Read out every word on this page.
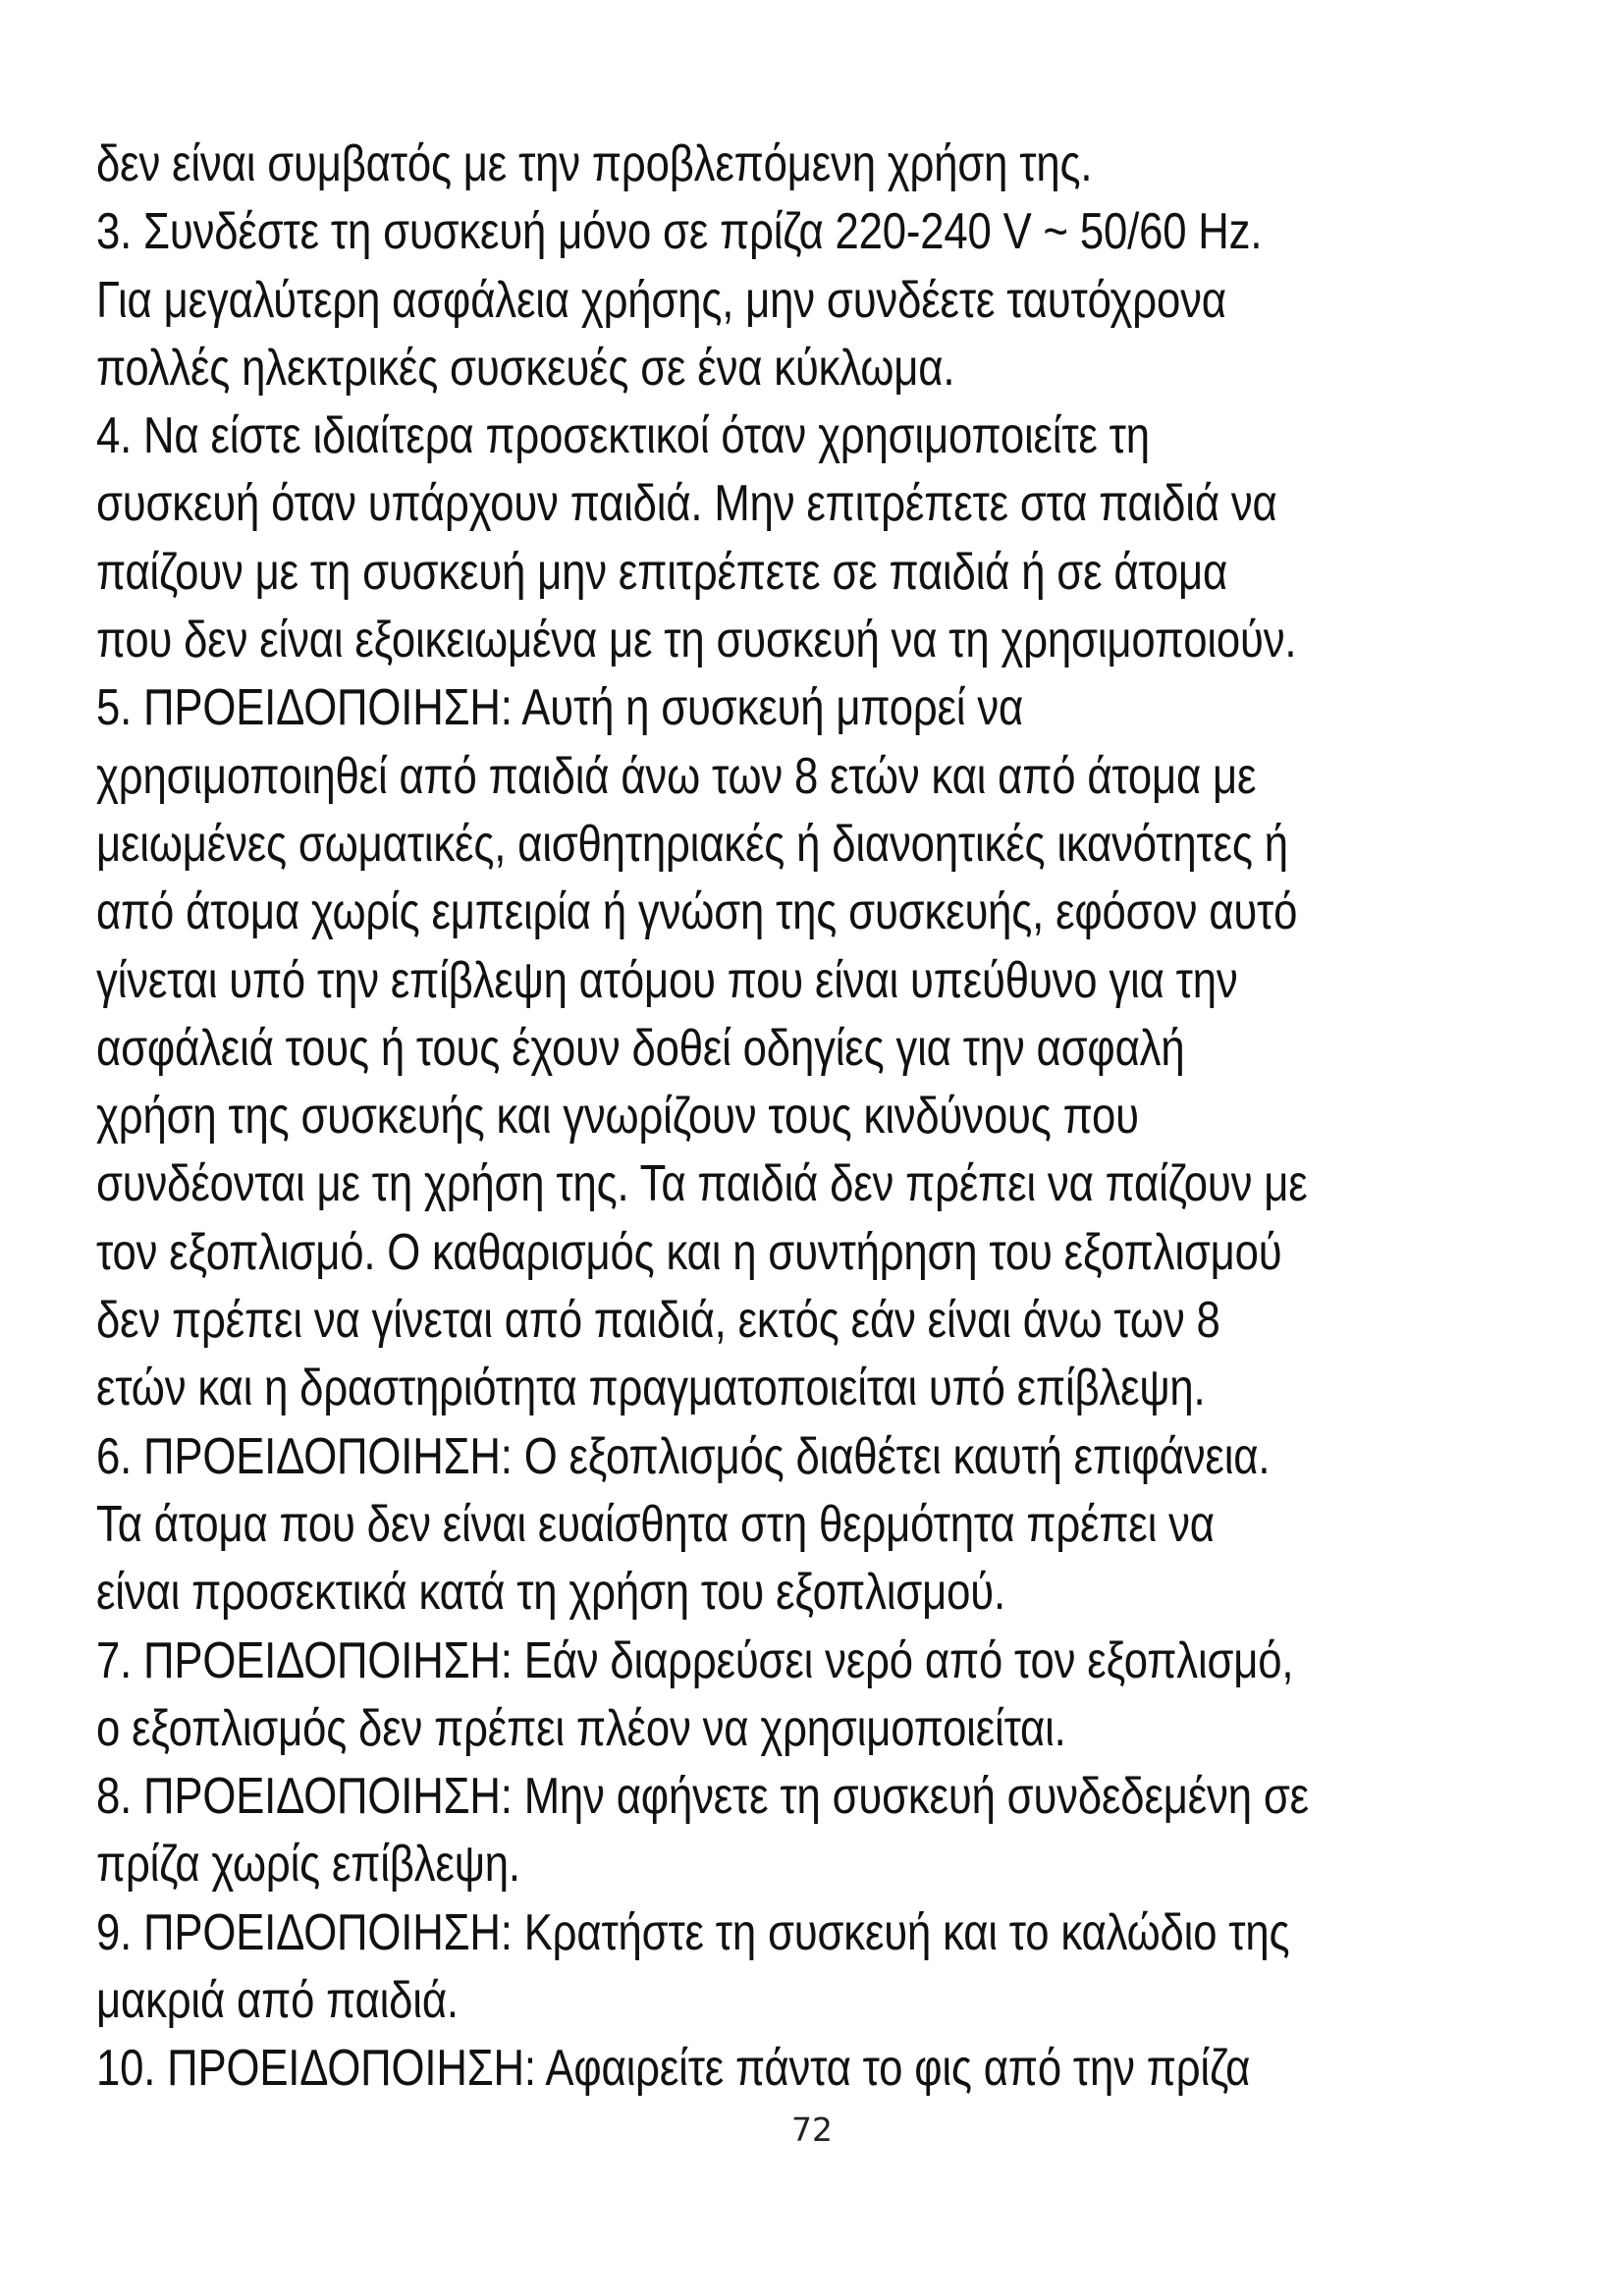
δεν είναι συμβατός με την προβλεπόμενη χρήση της.
3. Συνδέστε τη συσκευή μόνο σε πρίζα 220-240 V ~ 50/60 Hz.
Για μεγαλύτερη ασφάλεια χρήσης, μην συνδέετε ταυτόχρονα
πολλές ηλεκτρικές συσκευές σε ένα κύκλωμα.
4. Να είστε ιδιαίτερα προσεκτικοί όταν χρησιμοποιείτε τη
συσκευή όταν υπάρχουν παιδιά. Μην επιτρέπετε στα παιδιά να
παίζουν με τη συσκευή μην επιτρέπετε σε παιδιά ή σε άτομα
που δεν είναι εξοικειωμένα με τη συσκευή να τη χρησιμοποιούν.
5. ΠΡΟΕΙΔΟΠΟΙΗΣΗ: Αυτή η συσκευή μπορεί να
χρησιμοποιηθεί από παιδιά άνω των 8 ετών και από άτομα με
μειωμένες σωματικές, αισθητηριακές ή διανοητικές ικανότητες ή
από άτομα χωρίς εμπειρία ή γνώση της συσκευής, εφόσον αυτό
γίνεται υπό την επίβλεψη ατόμου που είναι υπεύθυνο για την
ασφάλειά τους ή τους έχουν δοθεί οδηγίες για την ασφαλή
χρήση της συσκευής και γνωρίζουν τους κινδύνους που
συνδέονται με τη χρήση της. Τα παιδιά δεν πρέπει να παίζουν με
τον εξοπλισμό. Ο καθαρισμός και η συντήρηση του εξοπλισμού
δεν πρέπει να γίνεται από παιδιά, εκτός εάν είναι άνω των 8
ετών και η δραστηριότητα πραγματοποιείται υπό επίβλεψη.
6. ΠΡΟΕΙΔΟΠΟΙΗΣΗ: Ο εξοπλισμός διαθέτει καυτή επιφάνεια.
Τα άτομα που δεν είναι ευαίσθητα στη θερμότητα πρέπει να
είναι προσεκτικά κατά τη χρήση του εξοπλισμού.
7. ΠΡΟΕΙΔΟΠΟΙΗΣΗ: Εάν διαρρεύσει νερό από τον εξοπλισμό,
ο εξοπλισμός δεν πρέπει πλέον να χρησιμοποιείται.
8. ΠΡΟΕΙΔΟΠΟΙΗΣΗ: Μην αφήνετε τη συσκευή συνδεδεμένη σε
πρίζα χωρίς επίβλεψη.
9. ΠΡΟΕΙΔΟΠΟΙΗΣΗ: Κρατήστε τη συσκευή και το καλώδιο της
μακριά από παιδιά.
10. ΠΡΟΕΙΔΟΠΟΙΗΣΗ: Αφαιρείτε πάντα το φις από την πρίζα
72
